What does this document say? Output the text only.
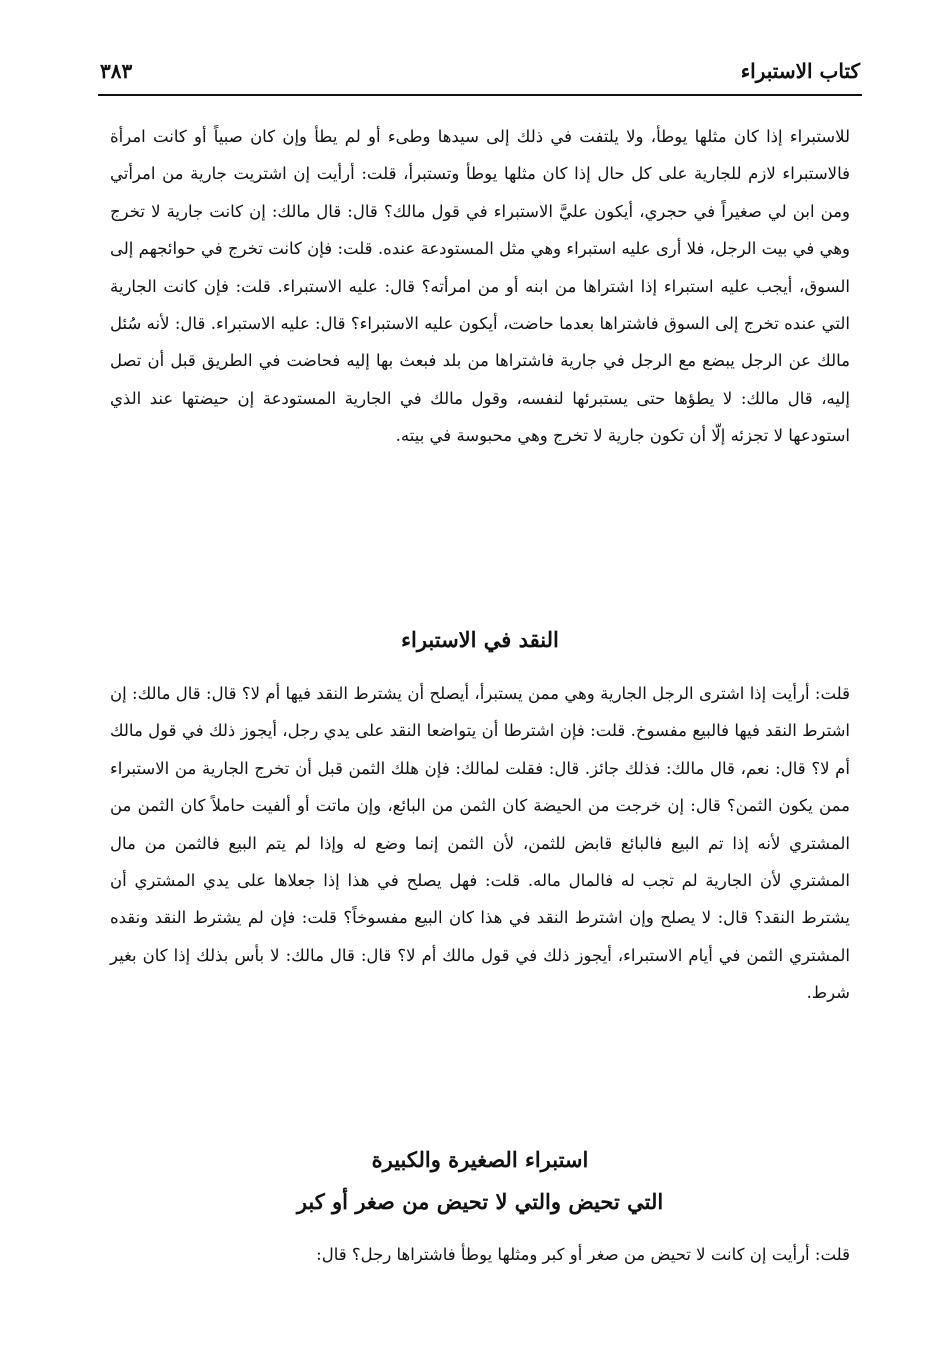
كتاب الاستبراء
٣٨٣

للاستبراء إذا كان مثلها يوطأ، ولا يلتفت في ذلك إلى سيدها وطىء أو لم يطأ وإن كان صبياً أو كانت امرأة فالاستبراء لازم للجارية على كل حال إذا كان مثلها يوطأ وتستبرأ، قلت: أرأيت إن اشتريت جارية من امرأتي ومن ابن لي صغيراً في حجري، أيكون عليَّ الاستبراء في قول مالك؟ قال: قال مالك: إن كانت جارية لا تخرج وهي في بيت الرجل، فلا أرى عليه استبراء وهي مثل المستودعة عنده. قلت: فإن كانت تخرج في حوائجهم إلى السوق، أيجب عليه استبراء إذا اشتراها من ابنه أو من امرأته؟ قال: عليه الاستبراء. قلت: فإن كانت الجارية التي عنده تخرج إلى السوق فاشتراها بعدما حاضت، أيكون عليه الاستبراء؟ قال: عليه الاستبراء. قال: لأنه سُئل مالك عن الرجل يبضع مع الرجل في جارية فاشتراها من بلد فبعث بها إليه فحاضت في الطريق قبل أن تصل إليه، قال مالك: لا يطؤها حتى يستبرئها لنفسه، وقول مالك في الجارية المستودعة إن حيضتها عند الذي استودعها لا تجزئه إلّا أن تكون جارية لا تخرج وهي محبوسة في بيته.

النقد في الاستبراء

قلت: أرأيت إذا اشترى الرجل الجارية وهي ممن يستبرأ، أيصلح أن يشترط النقد فيها أم لا؟ قال: قال مالك: إن اشترط النقد فيها فالبيع مفسوخ. قلت: فإن اشترطا أن يتواضعا النقد على يدي رجل، أيجوز ذلك في قول مالك أم لا؟ قال: نعم، قال مالك: فذلك جائز. قال: فقلت لمالك: فإن هلك الثمن قبل أن تخرج الجارية من الاستبراء ممن يكون الثمن؟ قال: إن خرجت من الحيضة كان الثمن من البائع، وإن ماتت أو ألفيت حاملاً كان الثمن من المشتري لأنه إذا تم البيع فالبائع قابض للثمن، لأن الثمن إنما وضع له وإذا لم يتم البيع فالثمن من مال المشتري لأن الجارية لم تجب له فالمال ماله. قلت: فهل يصلح في هذا إذا جعلاها على يدي المشتري أن يشترط النقد؟ قال: لا يصلح وإن اشترط النقد في هذا كان البيع مفسوخاً؟ قلت: فإن لم يشترط النقد ونقده المشتري الثمن في أيام الاستبراء، أيجوز ذلك في قول مالك أم لا؟ قال: قال مالك: لا بأس بذلك إذا كان بغير شرط.

استبراء الصغيرة والكبيرة
التي تحيض والتي لا تحيض من صغر أو كبر

قلت: أرأيت إن كانت لا تحيض من صغر أو كبر ومثلها يوطأ فاشتراها رجل؟ قال:
